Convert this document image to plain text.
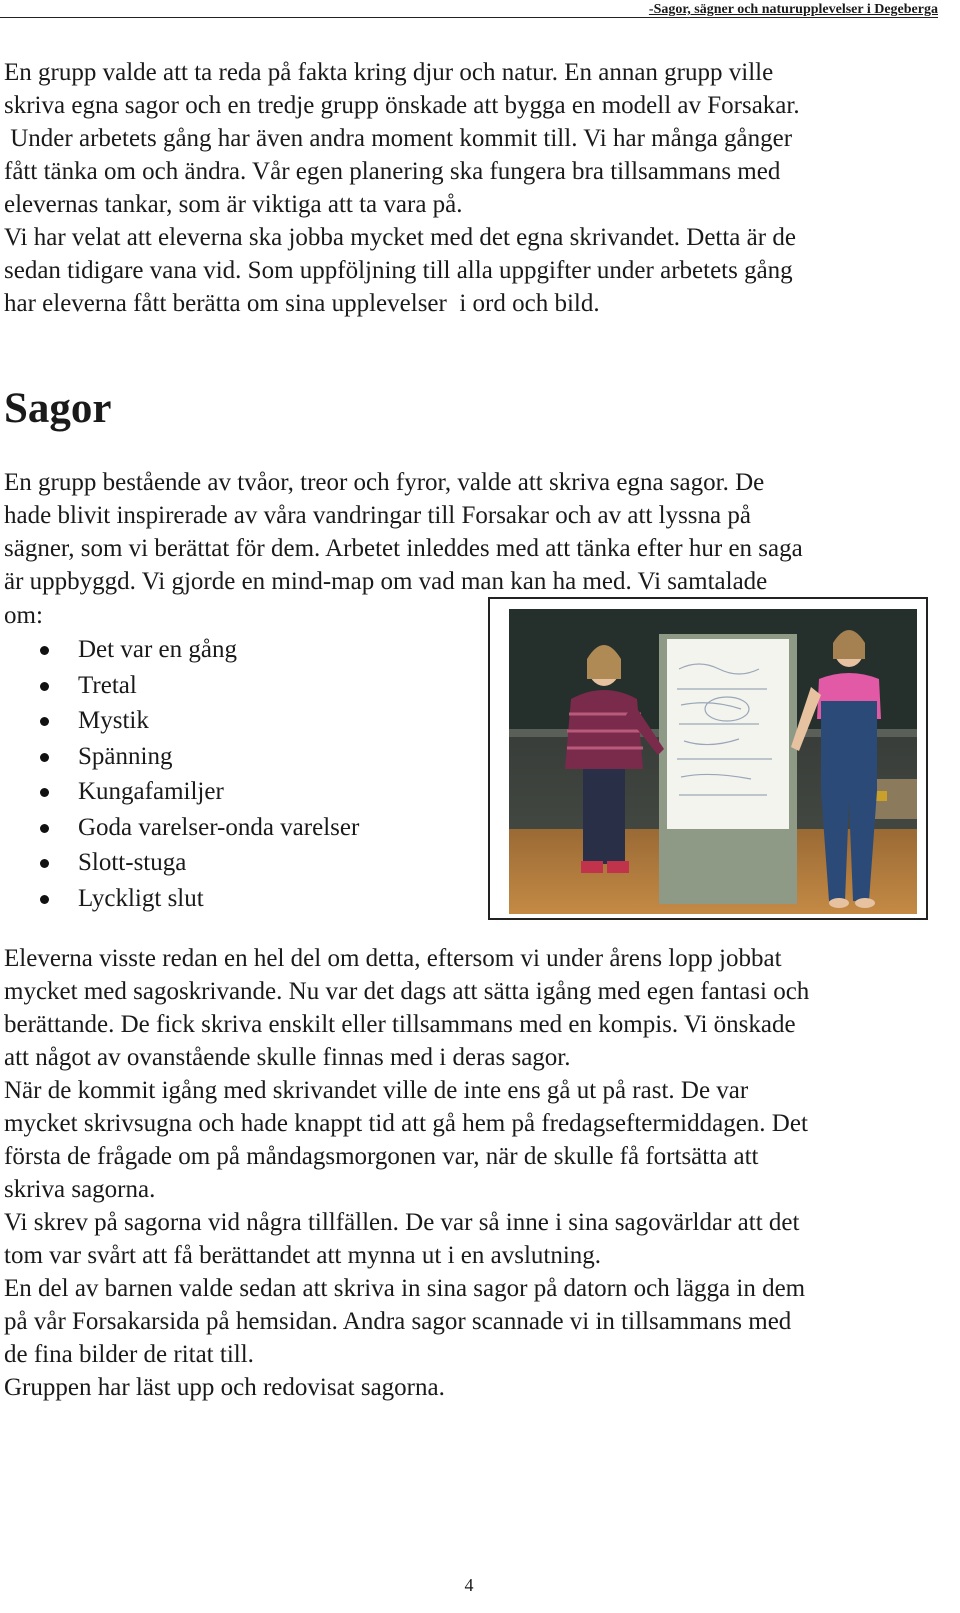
-Sagor, sägner och naturupplevelser i Degeberga
En grupp valde att ta reda på fakta kring djur och natur. En annan grupp ville
skriva egna sagor och en tredje grupp önskade att bygga en modell av Forsakar.
Under arbetets gång har även andra moment kommit till. Vi har många gånger
fått tänka om och ändra. Vår egen planering ska fungera bra tillsammans med
elevernas tankar, som är viktiga att ta vara på.
Vi har velat att eleverna ska jobba mycket med det egna skrivandet. Detta är de
sedan tidigare vana vid. Som uppföljning till alla uppgifter under arbetets gång
har eleverna fått berätta om sina upplevelser  i ord och bild.
Sagor
En grupp bestående av tvåor, treor och fyror, valde att skriva egna sagor. De
hade blivit inspirerade av våra vandringar till Forsakar och av att lyssna på
sägner, som vi berättat för dem. Arbetet inleddes med att tänka efter hur en saga
är uppbyggd. Vi gjorde en mind-map om vad man kan ha med. Vi samtalade
om:
Det var en gång
Tretal
Mystik
Spänning
Kungafamiljer
Goda varelser-onda varelser
Slott-stuga
Lyckligt slut
Eleverna visste redan en hel del om detta, eftersom vi under årens lopp jobbat
mycket med sagoskrivande. Nu var det dags att sätta igång med egen fantasi och
berättande. De fick skriva enskilt eller tillsammans med en kompis. Vi önskade
att något av ovanstående skulle finnas med i deras sagor.
När de kommit igång med skrivandet ville de inte ens gå ut på rast. De var
mycket skrivsugna och hade knappt tid att gå hem på fredagseftermiddagen. Det
första de frågade om på måndagsmorgonen var, när de skulle få fortsätta att
skriva sagorna.
Vi skrev på sagorna vid några tillfällen. De var så inne i sina sagovärldar att det
tom var svårt att få berättandet att mynna ut i en avslutning.
En del av barnen valde sedan att skriva in sina sagor på datorn och lägga in dem
på vår Forsakarsida på hemsidan. Andra sagor scannade vi in tillsammans med
de fina bilder de ritat till.
Gruppen har läst upp och redovisat sagorna.
4
